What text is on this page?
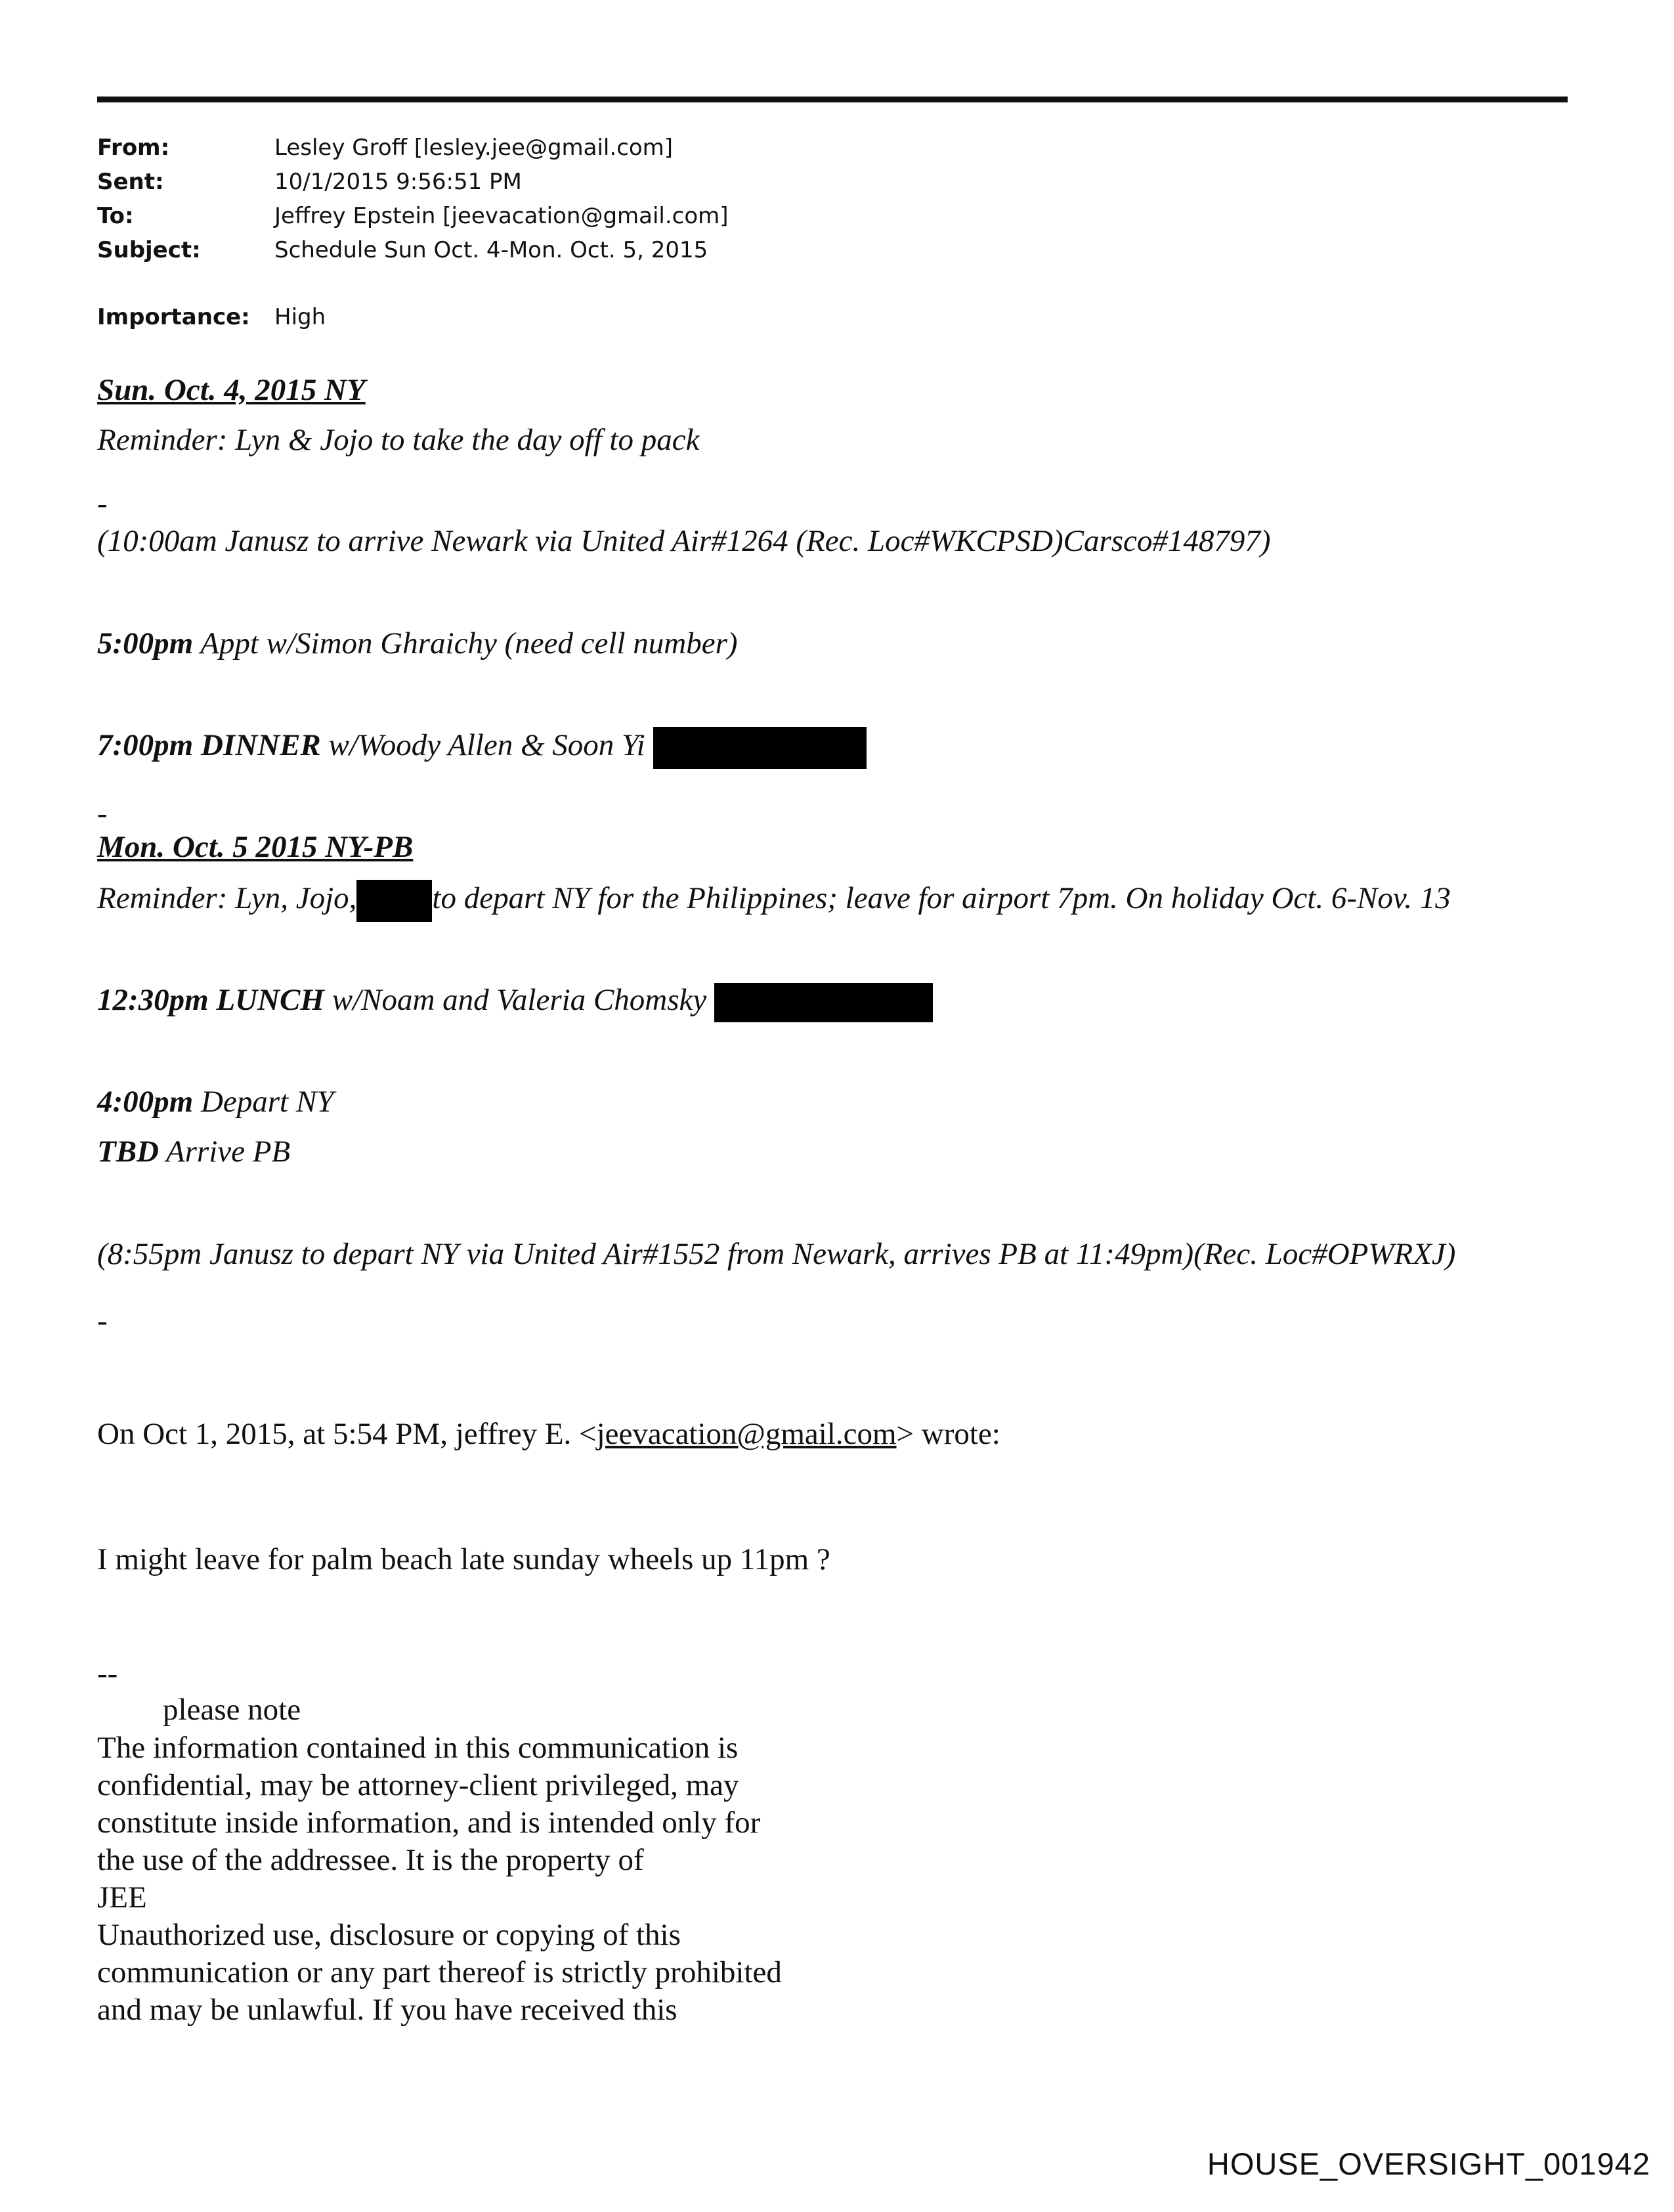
From:	Lesley Groff [lesley.jee@gmail.com]
Sent:	10/1/2015 9:56:51 PM
To:	Jeffrey Epstein [jeevacation@gmail.com]
Subject:	Schedule Sun Oct. 4-Mon. Oct. 5, 2015
Importance: High
Sun. Oct. 4, 2015 NY
Reminder: Lyn & Jojo to take the day off to pack
-
(10:00am Janusz to arrive Newark via United Air#1264 (Rec. Loc#WKCPSD)Carsco#148797)
5:00pm Appt w/Simon Ghraichy (need cell number)
7:00pm DINNER w/Woody Allen & Soon Yi
-
Mon. Oct. 5 2015 NY-PB
Reminder: Lyn, Jojo, to depart NY for the Philippines; leave for airport 7pm. On holiday Oct. 6-Nov. 13
12:30pm LUNCH w/Noam and Valeria Chomsky
4:00pm Depart NY
TBD Arrive PB
(8:55pm Janusz to depart NY via United Air#1552 from Newark, arrives PB at 11:49pm)(Rec. Loc#OPWRXJ)
-
On Oct 1, 2015, at 5:54 PM, jeffrey E. <jeevacation@gmail.com> wrote:
I might leave for palm beach late sunday wheels up 11pm ?
--
please note
The information contained in this communication is
confidential, may be attorney-client privileged, may
constitute inside information, and is intended only for
the use of the addressee. It is the property of
JEE
Unauthorized use, disclosure or copying of this
communication or any part thereof is strictly prohibited
and may be unlawful. If you have received this
HOUSE_OVERSIGHT_001942
